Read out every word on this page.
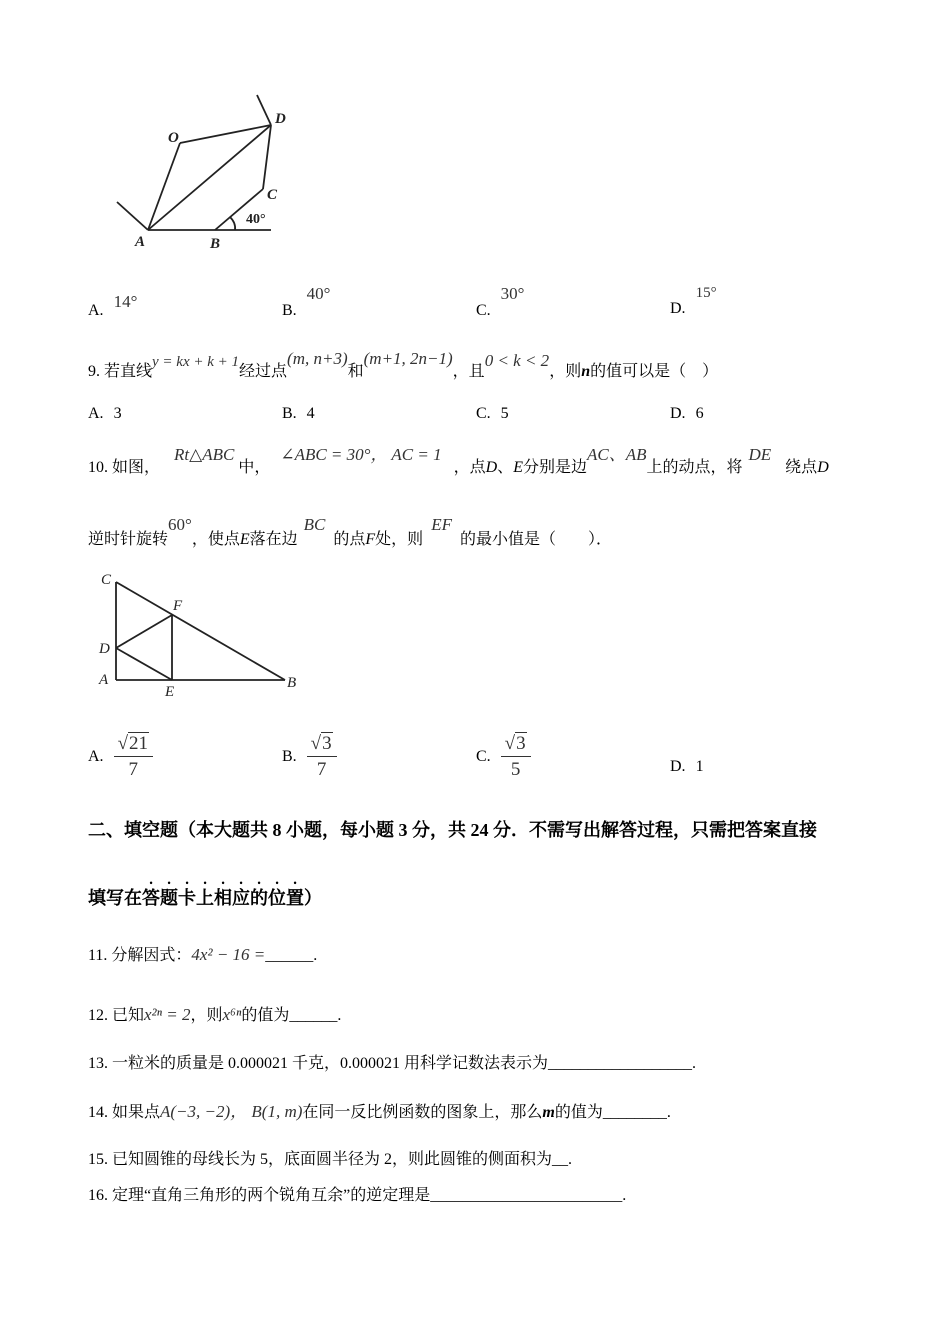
O
D
C
A	B
40°
A. 14°	B. 40°
C. 30°
D. 15°
9. 若直线y = kx + k + 1经过点(m, n+3)和(m+1, 2n−1)，且0 < k < 2，则n的值可以是（　）
A. 3	B. 4	C. 5	D. 6
10. 如图， Rt△ABC 中， ∠ABC = 30°， AC = 1 ，点D、E分别是边AC、AB上的动点，将DE绕点D
逆时针旋转60°，使点E落在边BC的点F处，则EF的最小值是（　　）．
C
F
D
A
E
B
A. $\frac{√21}{7}$	B. $\frac{√3}{7}$	C. $\frac{√3}{5}$	D. 1
二、填空题（本大题共 8 小题，每小题 3 分，共 24 分．不需写出解答过程，只需把答案直接
填写在答题卡上相应的位置）
11. 分解因式：4x² − 16 =______.
12. 已知x²ⁿ = 2，则x⁶ⁿ的值为______.
13. 一粒米的质量是 0.000021 千克，0.000021 用科学记数法表示为__________________.
14. 如果点A(−3, −2)， B(1, m)在同一反比例函数的图象上，那么m的值为________.
15. 已知圆锥的母线长为 5，底面圆半径为 2，则此圆锥的侧面积为__.
16. 定理“直角三角形的两个锐角互余”的逆定理是________________________.
